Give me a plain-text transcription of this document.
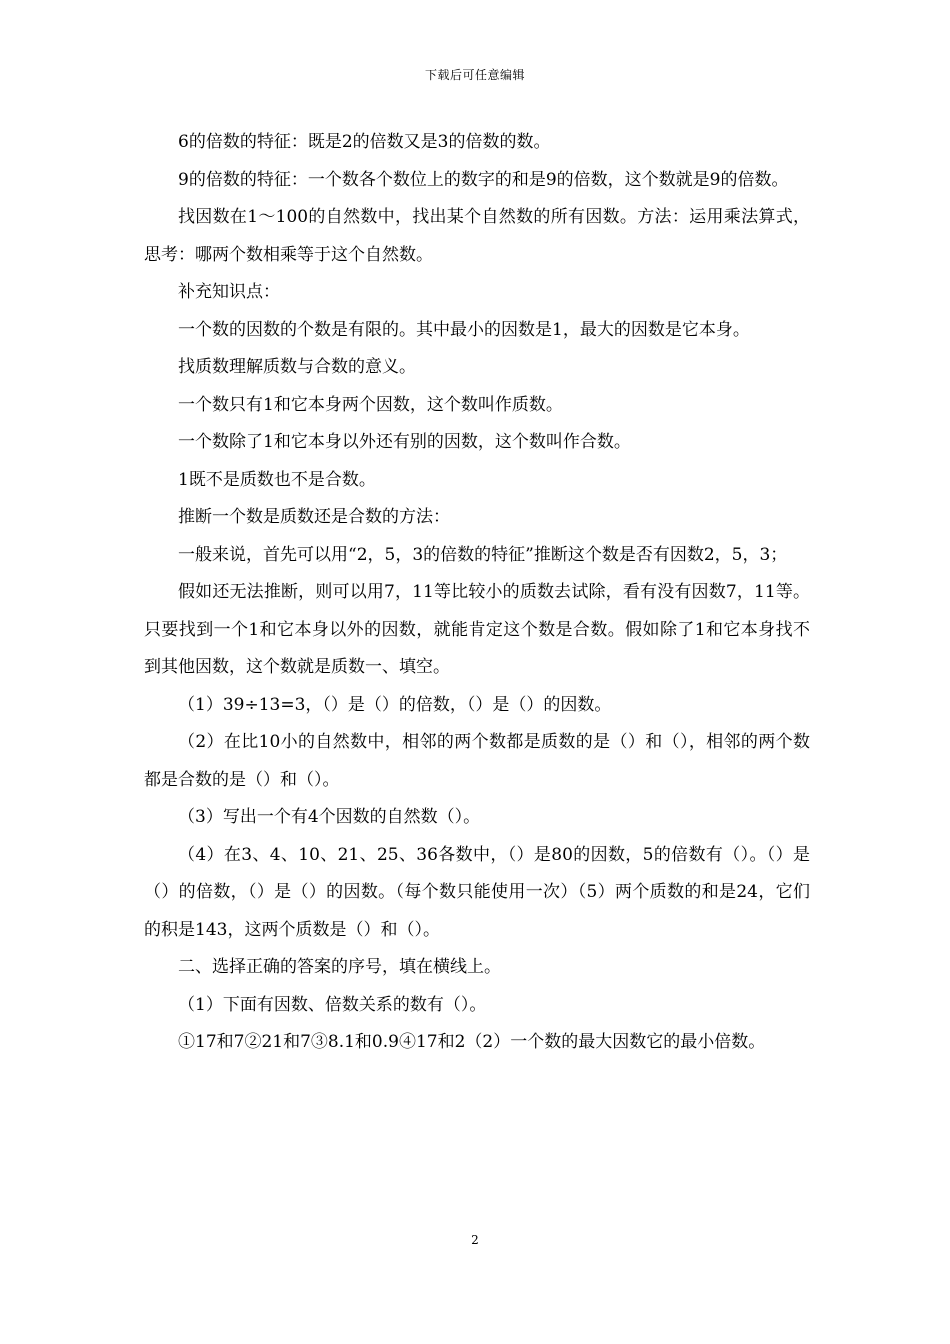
下载后可任意编辑

6的倍数的特征：既是2的倍数又是3的倍数的数。

9的倍数的特征：一个数各个数位上的数字的和是9的倍数，这个数就是9的倍数。

找因数在1～100的自然数中，找出某个自然数的所有因数。方法：运用乘法算式，思考：哪两个数相乘等于这个自然数。

补充知识点：

一个数的因数的个数是有限的。其中最小的因数是1，最大的因数是它本身。

找质数理解质数与合数的意义。

一个数只有1和它本身两个因数，这个数叫作质数。

一个数除了1和它本身以外还有别的因数，这个数叫作合数。

1既不是质数也不是合数。

推断一个数是质数还是合数的方法：

一般来说，首先可以用“2，5，3的倍数的特征”推断这个数是否有因数2，5，3；

假如还无法推断，则可以用7，11等比较小的质数去试除，看有没有因数7，11等。只要找到一个1和它本身以外的因数，就能肯定这个数是合数。假如除了1和它本身找不到其他因数，这个数就是质数一、填空。

（1）39÷13=3，（）是（）的倍数，（）是（）的因数。

（2）在比10小的自然数中，相邻的两个数都是质数的是（）和（），相邻的两个数都是合数的是（）和（）。

（3）写出一个有4个因数的自然数（）。

（4）在3、4、10、21、25、36各数中，（）是80的因数，5的倍数有（）。（）是（）的倍数，（）是（）的因数。（每个数只能使用一次）（5）两个质数的和是24，它们的积是143，这两个质数是（）和（）。

二、选择正确的答案的序号，填在横线上。

（1）下面有因数、倍数关系的数有（）。

①17和7②21和7③8.1和0.9④17和2（2）一个数的最大因数它的最小倍数。

2
